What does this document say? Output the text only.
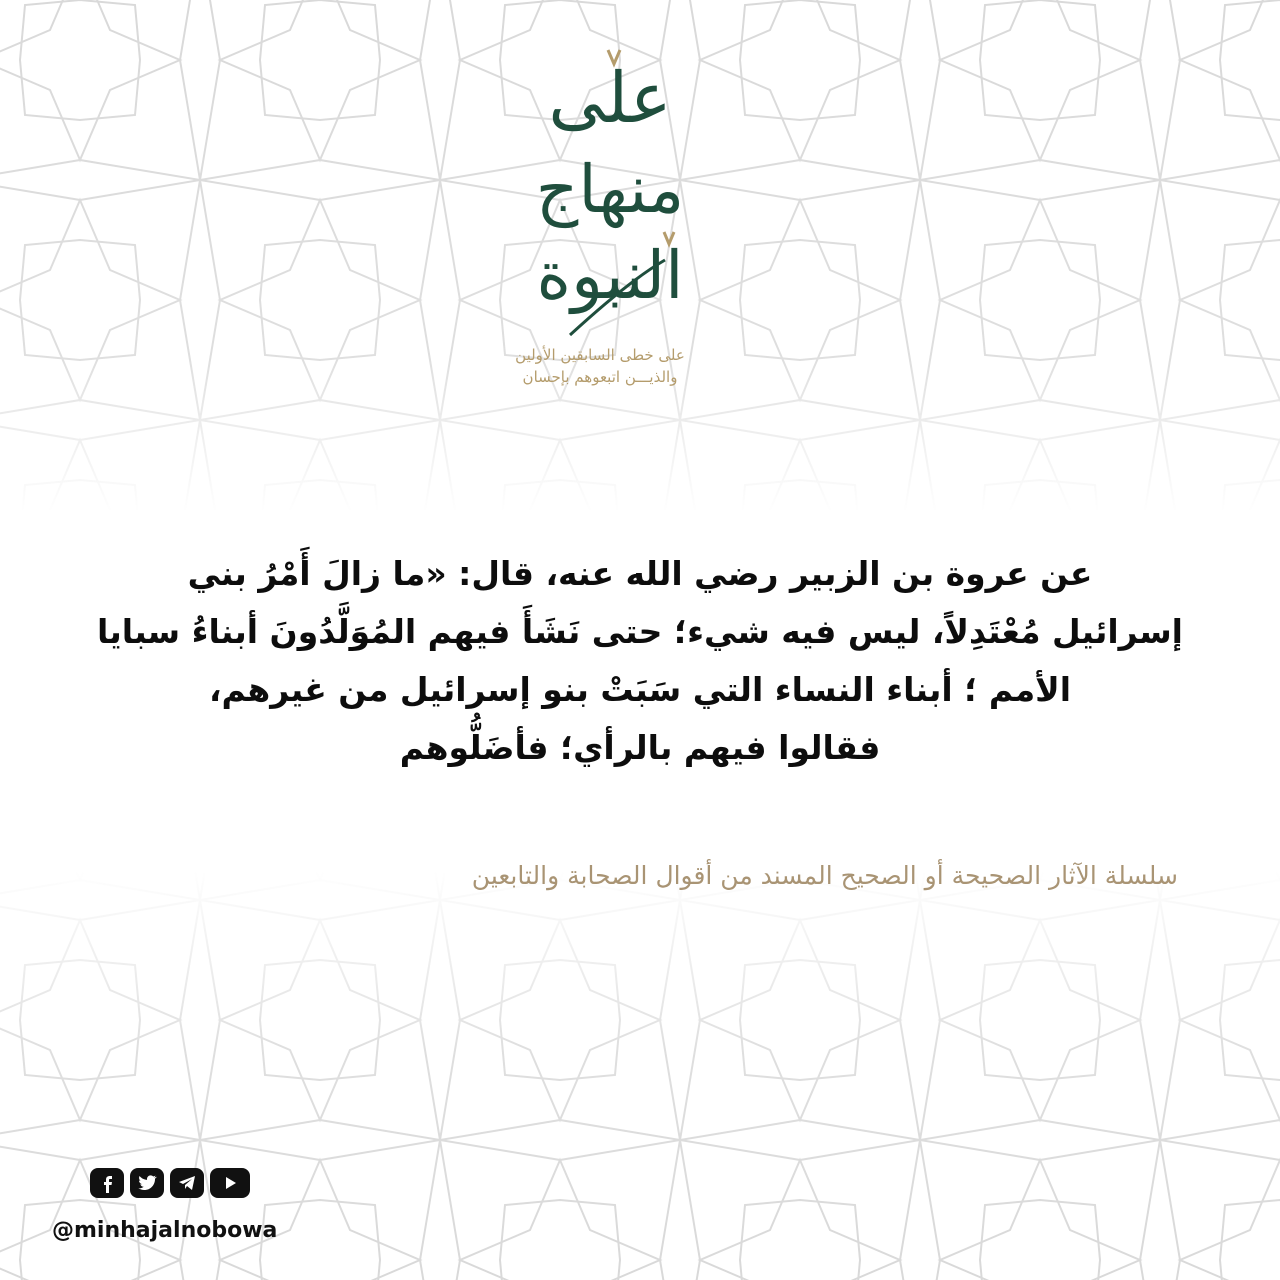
على
منهاج
النبوة
على خطى السابقين الأولين
والذيـــن اتبعوهم بإحسان
عن عروة بن الزبير رضي الله عنه، قال: «ما زالَ أَمْرُ بني
إسرائيل مُعْتَدِلاً، ليس فيه شيء؛ حتى نَشَأَ فيهم المُوَلَّدُونَ أبناءُ سبايا
الأمم ؛ أبناء النساء التي سَبَتْ بنو إسرائيل من غيرهم،
فقالوا فيهم بالرأي؛ فأضَلُّوهم
سلسلة الآثار الصحيحة أو الصحيح المسند من أقوال الصحابة والتابعين
@minhajalnobowa
